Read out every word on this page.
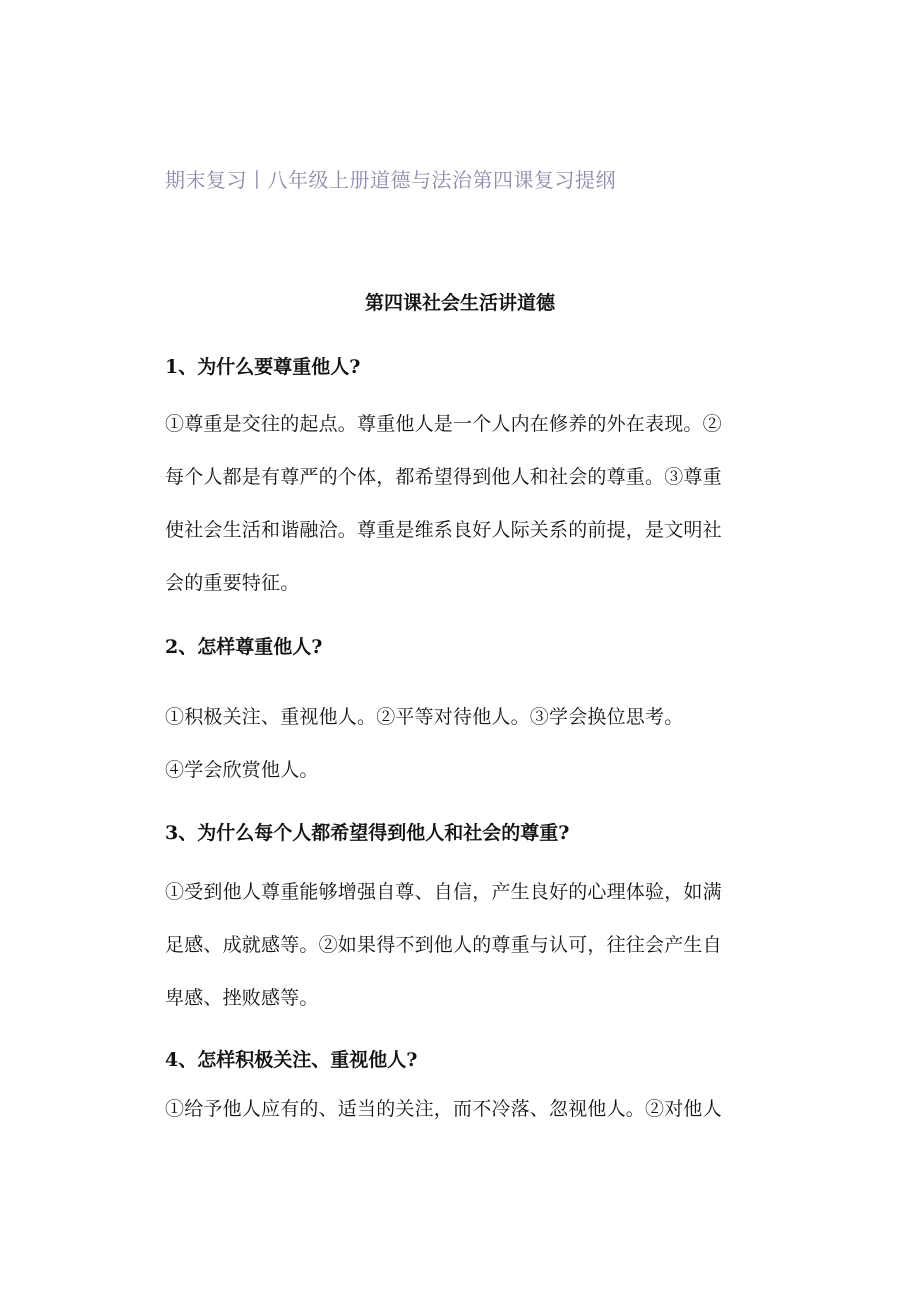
期末复习丨八年级上册道德与法治第四课复习提纲
第四课社会生活讲道德
1、为什么要尊重他人?
①尊重是交往的起点。尊重他人是一个人内在修养的外在表现。②
每个人都是有尊严的个体，都希望得到他人和社会的尊重。③尊重
使社会生活和谐融洽。尊重是维系良好人际关系的前提，是文明社
会的重要特征。
2、怎样尊重他人?
①积极关注、重视他人。②平等对待他人。③学会换位思考。
④学会欣赏他人。
3、为什么每个人都希望得到他人和社会的尊重?
①受到他人尊重能够增强自尊、自信，产生良好的心理体验，如满
足感、成就感等。②如果得不到他人的尊重与认可，往往会产生自
卑感、挫败感等。
4、怎样积极关注、重视他人?
①给予他人应有的、适当的关注，而不冷落、忽视他人。②对他人
